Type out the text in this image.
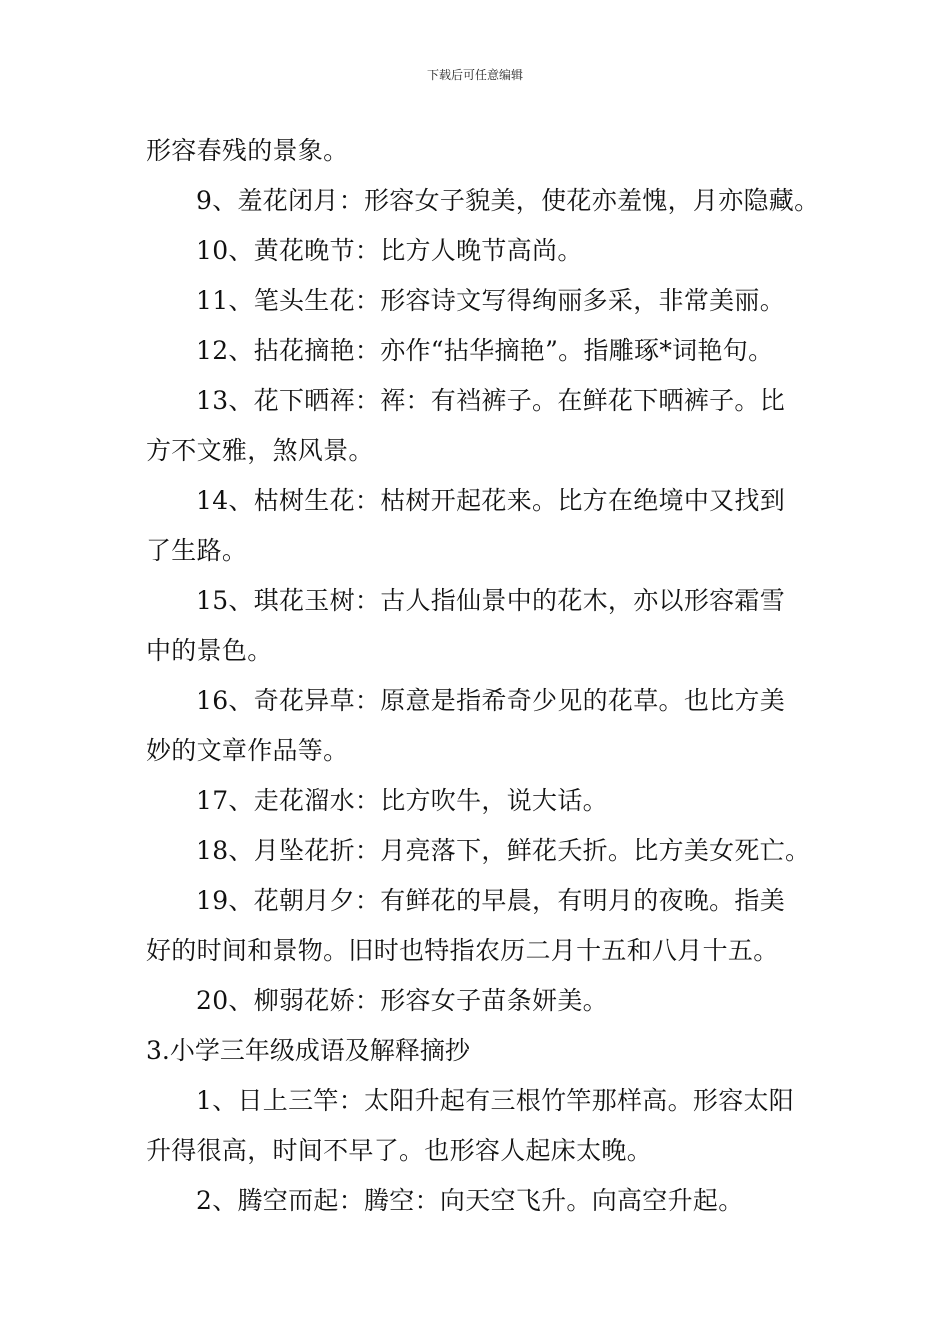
下载后可任意编辑
形容春残的景象。
9、羞花闭月：形容女子貌美，使花亦羞愧，月亦隐藏。
10、黄花晚节：比方人晚节高尚。
11、笔头生花：形容诗文写得绚丽多采，非常美丽。
12、拈花摘艳：亦作“拈华摘艳”。指雕琢*词艳句。
13、花下晒裈：裈：有裆裤子。在鲜花下晒裤子。比
方不文雅，煞风景。
14、枯树生花：枯树开起花来。比方在绝境中又找到
了生路。
15、琪花玉树：古人指仙景中的花木，亦以形容霜雪
中的景色。
16、奇花异草：原意是指希奇少见的花草。也比方美
妙的文章作品等。
17、走花溜水：比方吹牛，说大话。
18、月坠花折：月亮落下，鲜花夭折。比方美女死亡。
19、花朝月夕：有鲜花的早晨，有明月的夜晚。指美
好的时间和景物。旧时也特指农历二月十五和八月十五。
20、柳弱花娇：形容女子苗条妍美。
3.小学三年级成语及解释摘抄
1、日上三竿：太阳升起有三根竹竿那样高。形容太阳
升得很高，时间不早了。也形容人起床太晚。
2、腾空而起：腾空：向天空飞升。向高空升起。
